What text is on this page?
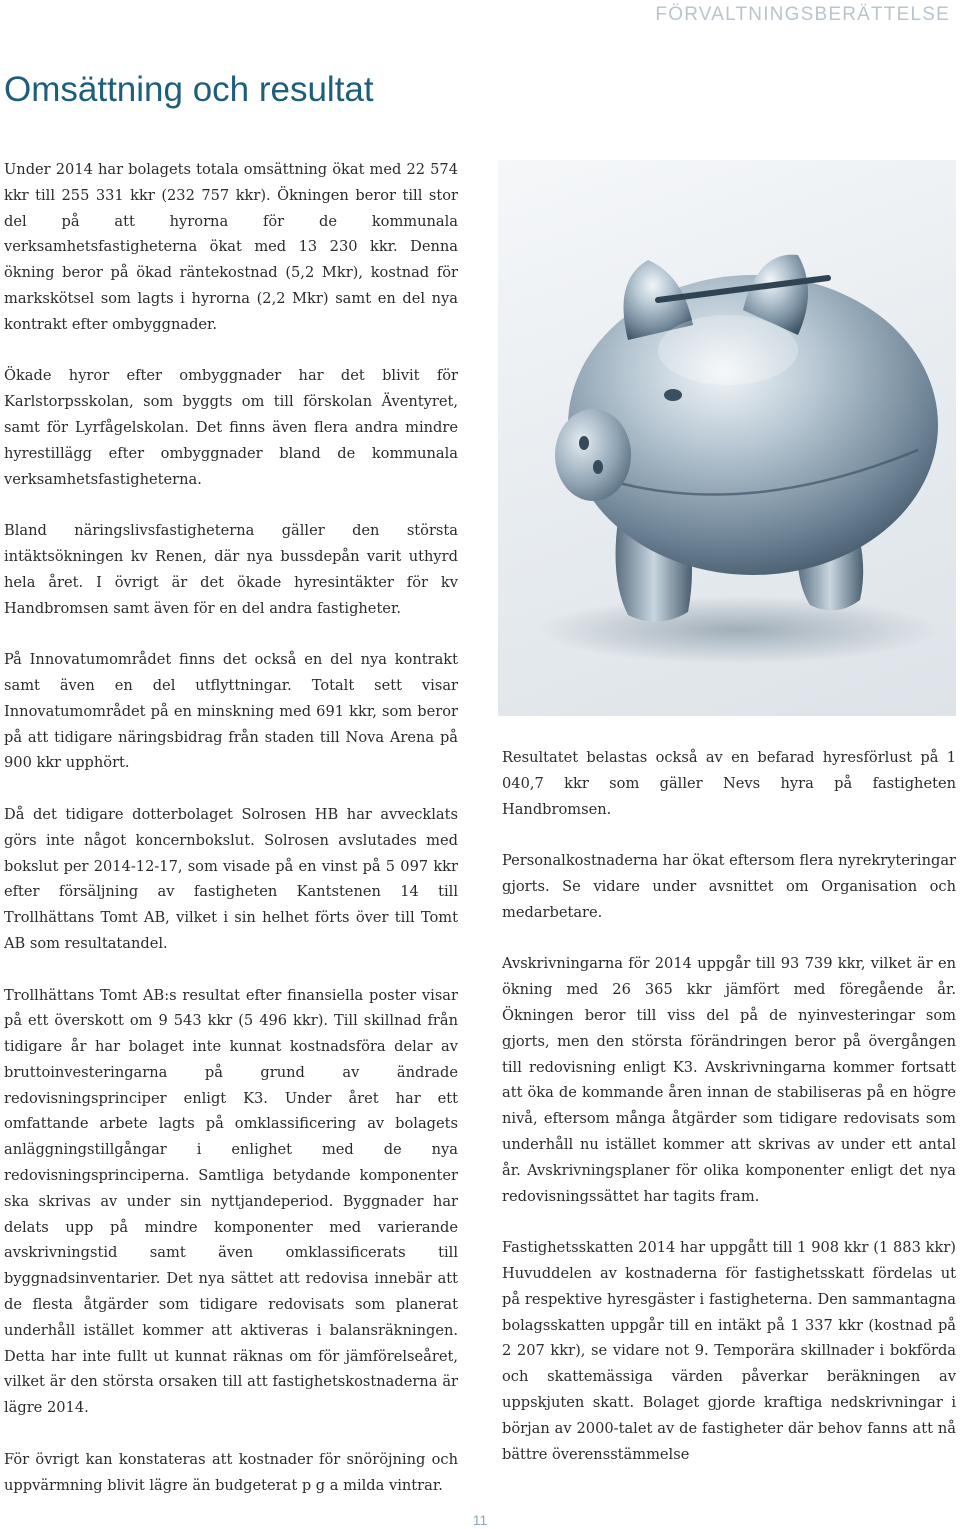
FÖRVALTNINGSBERÄTTELSE
Omsättning och resultat

Under 2014 har bolagets totala omsättning ökat med 22 574 kkr till 255 331 kkr (232 757 kkr). Ökningen beror till stor del på att hyrorna för de kommunala verksamhetsfastigheterna ökat med 13 230 kkr. Denna ökning beror på ökad räntekostnad (5,2 Mkr), kostnad för markskötsel som lagts i hyrorna (2,2 Mkr) samt en del nya kontrakt efter ombyggnader.

Ökade hyror efter ombyggnader har det blivit för Karlstorpsskolan, som byggts om till förskolan Äventyret, samt för Lyrfågelskolan. Det finns även flera andra mindre hyrestillägg efter ombyggnader bland de kommunala verksamhetsfastigheterna.

Bland näringslivsfastigheterna gäller den största intäktsökningen kv Renen, där nya bussdepån varit uthyrd hela året. I övrigt är det ökade hyresintäkter för kv Handbromsen samt även för en del andra fastigheter.

På Innovatumområdet finns det också en del nya kontrakt samt även en del utflyttningar. Totalt sett visar Innovatumområdet på en minskning med 691 kkr, som beror på att tidigare näringsbidrag från staden till Nova Arena på 900 kkr upphört.

Då det tidigare dotterbolaget Solrosen HB har avvecklats görs inte något koncernbokslut. Solrosen avslutades med bokslut per 2014-12-17, som visade på en vinst på 5 097 kkr efter försäljning av fastigheten Kantstenen 14 till Trollhättans Tomt AB, vilket i sin helhet förts över till Tomt AB som resultatandel.

Trollhättans Tomt AB:s resultat efter finansiella poster visar på ett överskott om 9 543 kkr (5 496 kkr). Till skillnad från tidigare år har bolaget inte kunnat kostnadsföra delar av bruttoinvesteringarna på grund av ändrade redovisningsprinciper enligt K3. Under året har ett omfattande arbete lagts på omklassificering av bolagets anläggningstillgångar i enlighet med de nya redovisningsprinciperna. Samtliga betydande komponenter ska skrivas av under sin nyttjandeperiod. Byggnader har delats upp på mindre komponenter med varierande avskrivningstid samt även omklassificerats till byggnadsinventarier. Det nya sättet att redovisa innebär att de flesta åtgärder som tidigare redovisats som planerat underhåll istället kommer att aktiveras i balansräkningen. Detta har inte fullt ut kunnat räknas om för jämförelseåret, vilket är den största orsaken till att fastighetskostnaderna är lägre 2014.

För övrigt kan konstateras att kostnader för snöröjning och uppvärmning blivit lägre än budgeterat p g a milda vintrar.

Resultatet belastas också av en befarad hyresförlust på 1 040,7 kkr som gäller Nevs hyra på fastigheten Handbromsen.

Personalkostnaderna har ökat eftersom flera nyrekryteringar gjorts. Se vidare under avsnittet om Organisation och medarbetare.

Avskrivningarna för 2014 uppgår till 93 739 kkr, vilket är en ökning med 26 365 kkr jämfört med föregående år. Ökningen beror till viss del på de nyinvesteringar som gjorts, men den största förändringen beror på övergången till redovisning enligt K3. Avskrivningarna kommer fortsatt att öka de kommande åren innan de stabiliseras på en högre nivå, eftersom många åtgärder som tidigare redovisats som underhåll nu istället kommer att skrivas av under ett antal år. Avskrivningsplaner för olika komponenter enligt det nya redovisningssättet har tagits fram.

Fastighetsskatten 2014 har uppgått till 1 908 kkr (1 883 kkr) Huvuddelen av kostnaderna för fastighetsskatt fördelas ut på respektive hyresgäster i fastigheterna. Den sammantagna bolagsskatten uppgår till en intäkt på 1 337 kkr (kostnad på 2 207 kkr), se vidare not 9. Temporära skillnader i bokförda och skattemässiga värden påverkar beräkningen av uppskjuten skatt. Bolaget gjorde kraftiga nedskrivningar i början av 2000-talet av de fastigheter där behov fanns att nå bättre överensstämmelse

11
